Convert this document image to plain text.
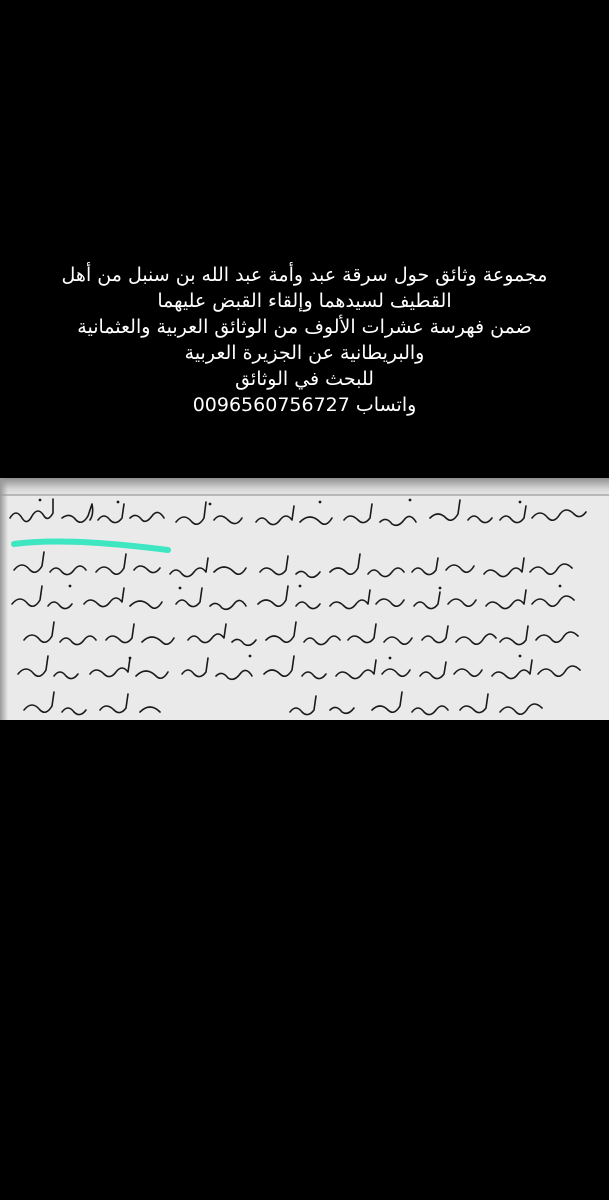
مجموعة وثائق حول سرقة عبد وأمة عبد الله بن سنبل من أهل
القطيف لسيدهما وإلقاء القبض عليهما
ضمن فهرسة عشرات الألوف من الوثائق العربية والعثمانية
والبريطانية عن الجزيرة العربية
للبحث في الوثائق
واتساب 0096560756727
